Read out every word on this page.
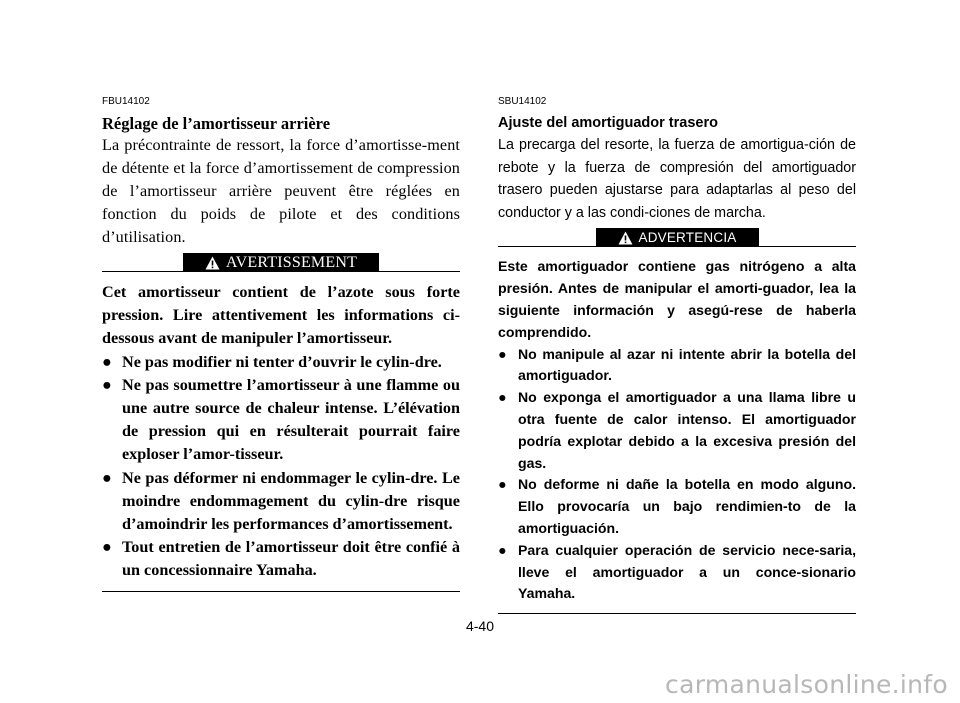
FBU14102

Réglage de l’amortisseur arrière

La précontrainte de ressort, la force d’amortisse-ment de détente et la force d’amortissement de compression de l’amortisseur arrière peuvent être réglées en fonction du poids de pilote et des conditions d’utilisation.

AVERTISSEMENT

Cet amortisseur contient de l’azote sous forte pression. Lire attentivement les informations ci-dessous avant de manipuler l’amortisseur.

● Ne pas modifier ni tenter d’ouvrir le cylin-dre.
● Ne pas soumettre l’amortisseur à une flamme ou une autre source de chaleur intense. L’élévation de pression qui en résulterait pourrait faire exploser l’amor-tisseur.
● Ne pas déformer ni endommager le cylin-dre. Le moindre endommagement du cylin-dre risque d’amoindrir les performances d’amortissement.
● Tout entretien de l’amortisseur doit être confié à un concessionnaire Yamaha.

SBU14102

Ajuste del amortiguador trasero

La precarga del resorte, la fuerza de amortigua-ción de rebote y la fuerza de compresión del amortiguador trasero pueden ajustarse para adaptarlas al peso del conductor y a las condi-ciones de marcha.

ADVERTENCIA

Este amortiguador contiene gas nitrógeno a alta presión. Antes de manipular el amorti-guador, lea la siguiente información y asegú-rese de haberla comprendido.

● No manipule al azar ni intente abrir la botella del amortiguador.
● No exponga el amortiguador a una llama libre u otra fuente de calor intenso. El amortiguador podría explotar debido a la excesiva presión del gas.
● No deforme ni dañe la botella en modo alguno. Ello provocaría un bajo rendimien-to de la amortiguación.
● Para cualquier operación de servicio nece-saria, lleve el amortiguador a un conce-sionario Yamaha.
4-40
carmanualsonline.info
